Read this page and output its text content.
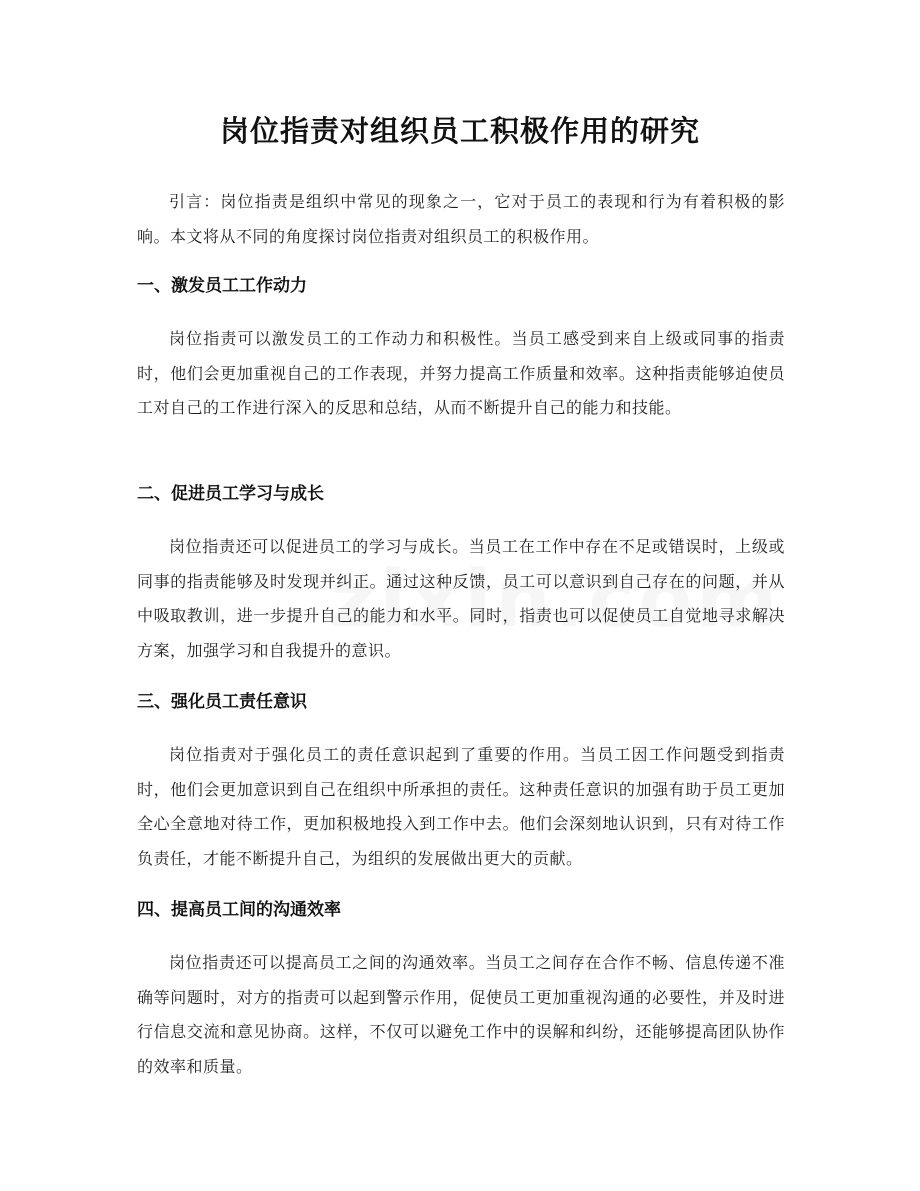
岗位指责对组织员工积极作用的研究

引言：岗位指责是组织中常见的现象之一，它对于员工的表现和行为有着积极的影响。本文将从不同的角度探讨岗位指责对组织员工的积极作用。

一、激发员工工作动力

岗位指责可以激发员工的工作动力和积极性。当员工感受到来自上级或同事的指责时，他们会更加重视自己的工作表现，并努力提高工作质量和效率。这种指责能够迫使员工对自己的工作进行深入的反思和总结，从而不断提升自己的能力和技能。

二、促进员工学习与成长

岗位指责还可以促进员工的学习与成长。当员工在工作中存在不足或错误时，上级或同事的指责能够及时发现并纠正。通过这种反馈，员工可以意识到自己存在的问题，并从中吸取教训，进一步提升自己的能力和水平。同时，指责也可以促使员工自觉地寻求解决方案，加强学习和自我提升的意识。

三、强化员工责任意识

岗位指责对于强化员工的责任意识起到了重要的作用。当员工因工作问题受到指责时，他们会更加意识到自己在组织中所承担的责任。这种责任意识的加强有助于员工更加全心全意地对待工作，更加积极地投入到工作中去。他们会深刻地认识到，只有对待工作负责任，才能不断提升自己，为组织的发展做出更大的贡献。

四、提高员工间的沟通效率

岗位指责还可以提高员工之间的沟通效率。当员工之间存在合作不畅、信息传递不准确等问题时，对方的指责可以起到警示作用，促使员工更加重视沟通的必要性，并及时进行信息交流和意见协商。这样，不仅可以避免工作中的误解和纠纷，还能够提高团队协作的效率和质量。
